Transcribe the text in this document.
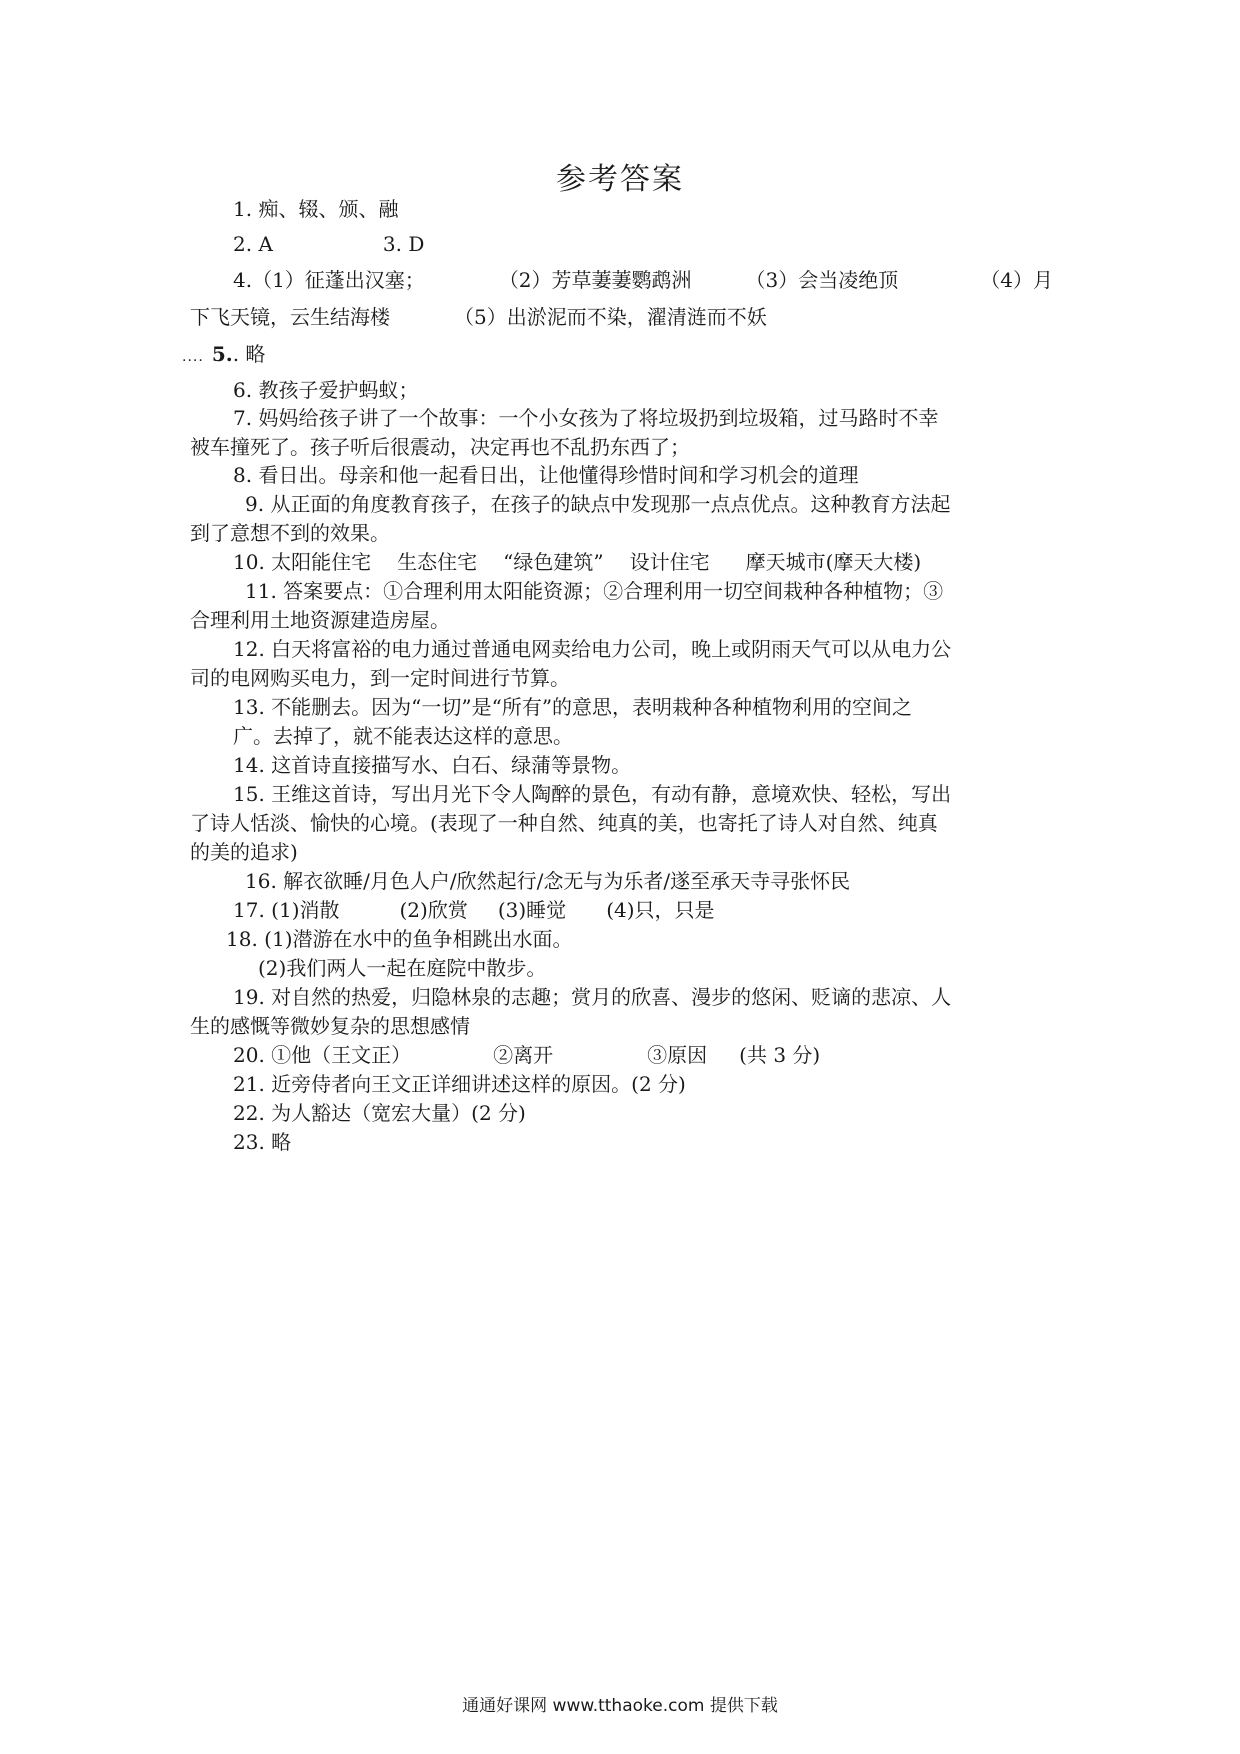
参考答案
1. 痴、辍、颁、融
2. A	3. D
4.（1）征蓬出汉塞；	（2）芳草萋萋鹦鹉洲	（3）会当凌绝顶	（4）月
下飞天镜，云生结海楼	（5）出淤泥而不染，濯清涟而不妖
.... 5.. 略
6. 教孩子爱护蚂蚁；
7. 妈妈给孩子讲了一个故事：一个小女孩为了将垃圾扔到垃圾箱，过马路时不幸
被车撞死了。孩子听后很震动，决定再也不乱扔东西了；
8. 看日出。母亲和他一起看日出，让他懂得珍惜时间和学习机会的道理
9. 从正面的角度教育孩子，在孩子的缺点中发现那一点点优点。这种教育方法起
到了意想不到的效果。
10. 太阳能住宅 生态住宅 “绿色建筑” 设计住宅 摩天城市(摩天大楼)
11. 答案要点：①合理利用太阳能资源；②合理利用一切空间栽种各种植物；③
合理利用土地资源建造房屋。
12. 白天将富裕的电力通过普通电网卖给电力公司，晚上或阴雨天气可以从电力公
司的电网购买电力，到一定时间进行节算。
13. 不能删去。因为“一切”是“所有”的意思，表明栽种各种植物利用的空间之
广。去掉了，就不能表达这样的意思。
14. 这首诗直接描写水、白石、绿蒲等景物。
15. 王维这首诗，写出月光下令人陶醉的景色，有动有静，意境欢快、轻松，写出
了诗人恬淡、愉快的心境。(表现了一种自然、纯真的美，也寄托了诗人对自然、纯真
的美的追求)
16. 解衣欲睡/月色人户/欣然起行/念无与为乐者/遂至承天寺寻张怀民
17. (1)消散	(2)欣赏 (3)睡觉 (4)只，只是
18. (1)潜游在水中的鱼争相跳出水面。
(2)我们两人一起在庭院中散步。
19. 对自然的热爱，归隐林泉的志趣；赏月的欣喜、漫步的悠闲、贬谪的悲凉、人
生的感慨等微妙复杂的思想感情
20. ①他（王文正）	②离开	③原因 (共 3 分)
21. 近旁侍者向王文正详细讲述这样的原因。(2 分)
22. 为人豁达（宽宏大量）(2 分)
23. 略
通通好课网 www.tthaoke.com 提供下载
